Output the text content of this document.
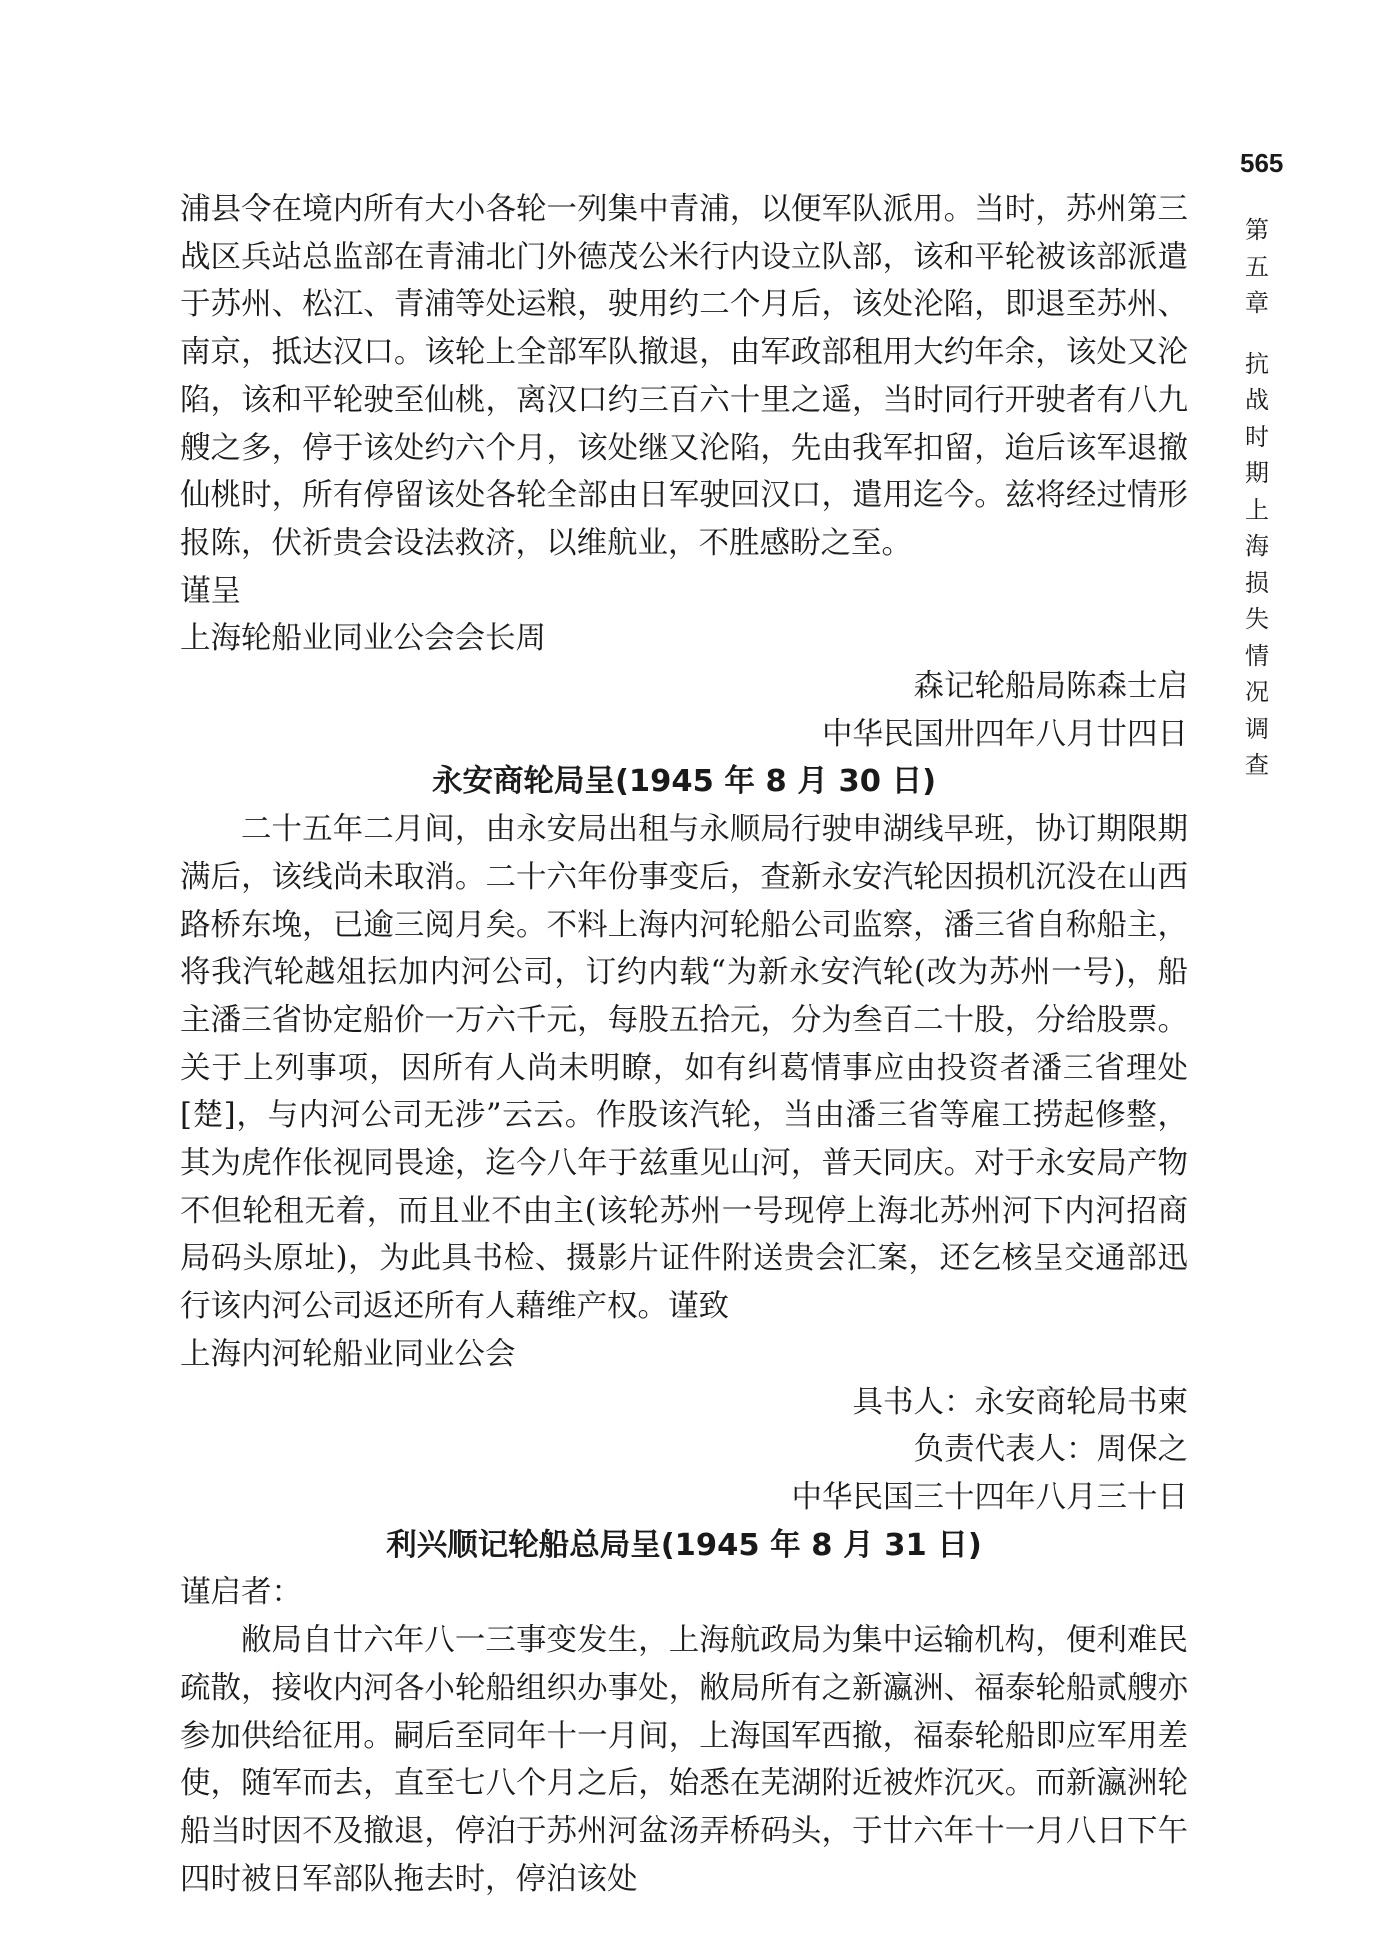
565
第五章
抗战时期上海损失情况调查

浦县令在境内所有大小各轮一列集中青浦，以便军队派用。当时，苏州第三战区兵站总监部在青浦北门外德茂公米行内设立队部，该和平轮被该部派遣于苏州、松江、青浦等处运粮，驶用约二个月后，该处沦陷，即退至苏州、南京，抵达汉口。该轮上全部军队撤退，由军政部租用大约年余，该处又沦陷，该和平轮驶至仙桃，离汉口约三百六十里之遥，当时同行开驶者有八九艘之多，停于该处约六个月，该处继又沦陷，先由我军扣留，迨后该军退撤仙桃时，所有停留该处各轮全部由日军驶回汉口，遣用迄今。兹将经过情形报陈，伏祈贵会设法救济，以维航业，不胜感盼之至。

谨呈
上海轮船业同业公会会长周
森记轮船局陈森士启
中华民国卅四年八月廿四日
永安商轮局呈(1945 年 8 月 30 日)

二十五年二月间，由永安局出租与永顺局行驶申湖线早班，协订期限期满后，该线尚未取消。二十六年份事变后，查新永安汽轮因损机沉没在山西路桥东堍，已逾三阅月矣。不料上海内河轮船公司监察，潘三省自称船主，将我汽轮越俎抎加内河公司，订约内载“为新永安汽轮(改为苏州一号)，船主潘三省协定船价一万六千元，每股五拾元，分为叁百二十股，分给股票。关于上列事项，因所有人尚未明瞭，如有纠葛情事应由投资者潘三省理处[楚]，与内河公司无涉”云云。作股该汽轮，当由潘三省等雇工捞起修整，其为虎作伥视同畏途，迄今八年于兹重见山河，普天同庆。对于永安局产物不但轮租无着，而且业不由主(该轮苏州一号现停上海北苏州河下内河招商局码头原址)，为此具书检、摄影片证件附送贵会汇案，还乞核呈交通部迅行该内河公司返还所有人藉维产权。谨致

上海内河轮船业同业公会
具书人：永安商轮局书柬
负责代表人：周保之
中华民国三十四年八月三十日
利兴顺记轮船总局呈(1945 年 8 月 31 日)
谨启者：

敝局自廿六年八一三事变发生，上海航政局为集中运输机构，便利难民疏散，接收内河各小轮船组织办事处，敝局所有之新瀛洲、福泰轮船贰艘亦参加供给征用。嗣后至同年十一月间，上海国军西撤，福泰轮船即应军用差使，随军而去，直至七八个月之后，始悉在芜湖附近被炸沉灭。而新瀛洲轮船当时因不及撤退，停泊于苏州河盆汤弄桥码头，于廿六年十一月八日下午四时被日军部队拖去时，停泊该处
